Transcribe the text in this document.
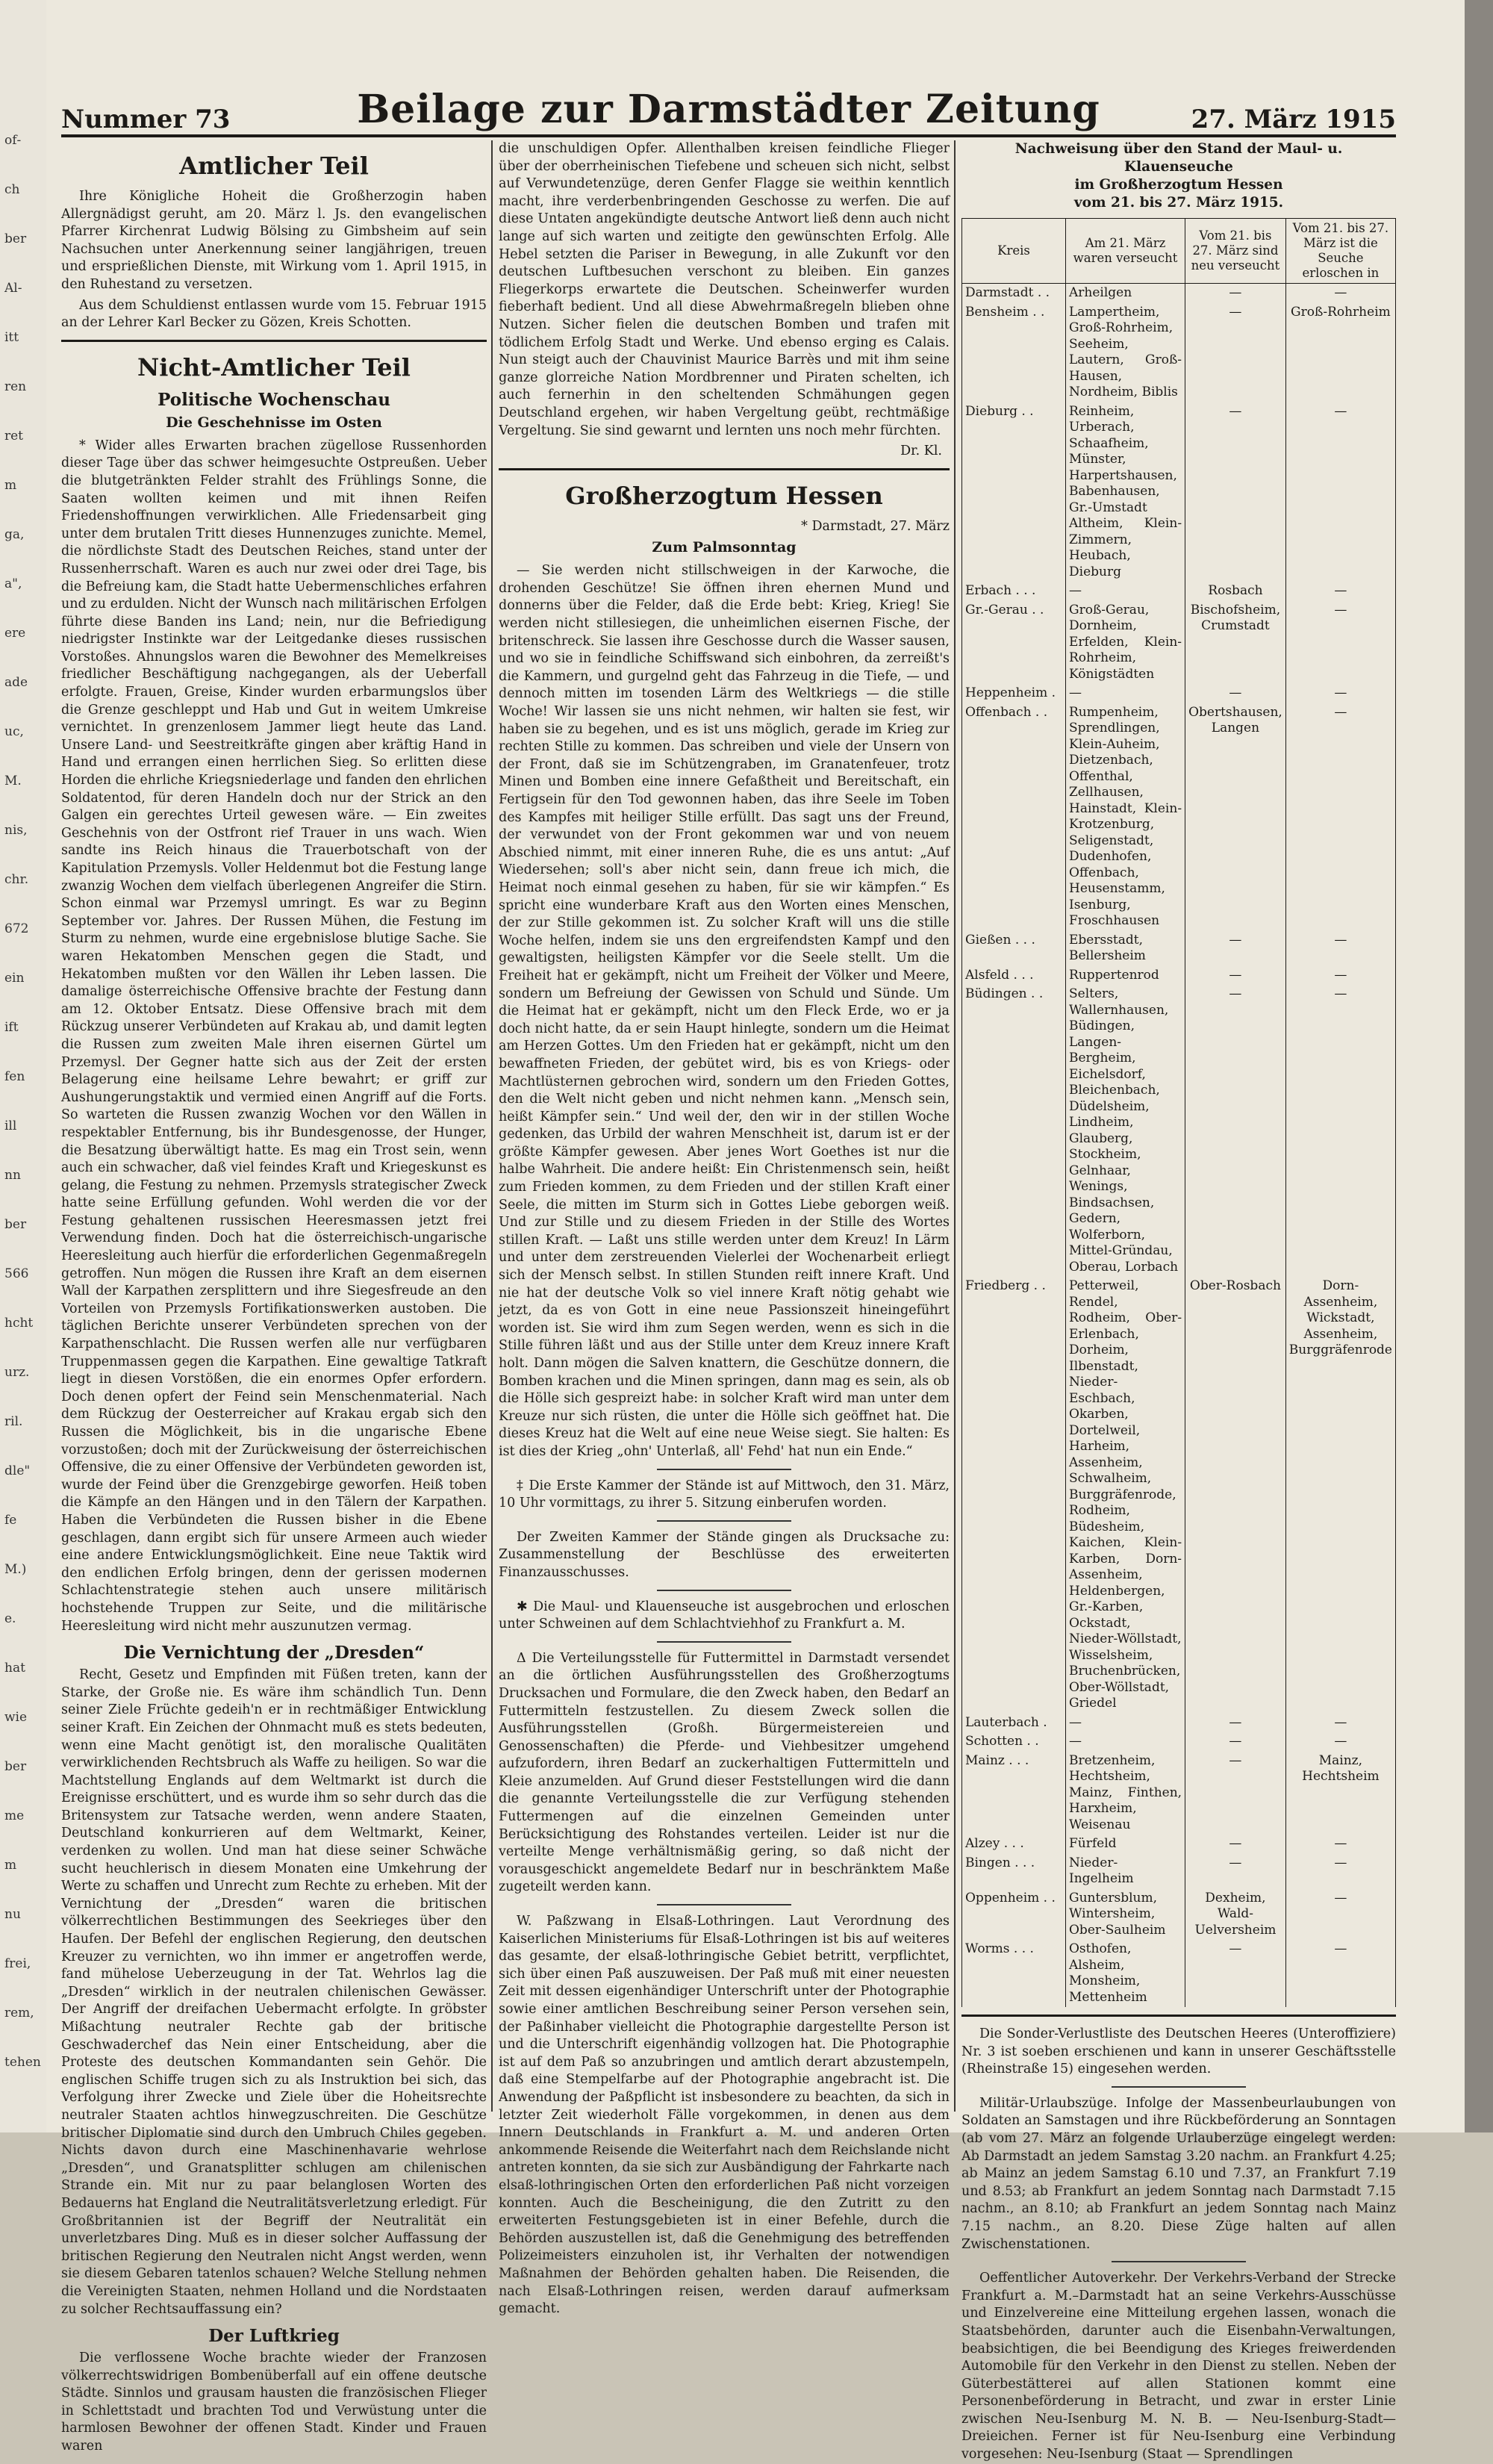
of‐
ch
ber
Al‐
itt
ren
ret
m
ga,
a",
ere
ade
uc,
M.
nis,
chr.
672
ein
ift
fen
ill
nn
ber
566
hcht
urz.
ril.
dle"
fe
M.)
e.
hat
wie
ber
me
m
nu
frei,
rem,
tehen
Nummer 73	Beilage zur Darmstädter Zeitung	27. März 1915
Amtlicher Teil

Ihre Königliche Hoheit die Großherzogin haben Allergnädigst geruht, am 20. März l. Js. den evangelischen Pfarrer Kirchenrat Ludwig Bölsing zu Gimbsheim auf sein Nachsuchen unter Anerkennung seiner langjährigen, treuen und ersprießlichen Dienste, mit Wirkung vom 1. April 1915, in den Ruhestand zu versetzen.

Aus dem Schuldienst entlassen wurde vom 15. Februar 1915 an der Lehrer Karl Becker zu Gözen, Kreis Schotten.

Nicht-Amtlicher Teil
Politische Wochenschau
Die Geschehnisse im Osten

* Wider alles Erwarten brachen zügellose Russenhorden dieser Tage über das schwer heimgesuchte Ostpreußen. Ueber die blutgetränkten Felder strahlt des Frühlings Sonne, die Saaten wollten keimen und mit ihnen Reifen Friedenshoffnungen verwirklichen. Alle Friedensarbeit ging unter dem brutalen Tritt dieses Hunnenzuges zunichte. Memel, die nördlichste Stadt des Deutschen Reiches, stand unter der Russenherrschaft. Waren es auch nur zwei oder drei Tage, bis die Befreiung kam, die Stadt hatte Uebermenschliches erfahren und zu erdulden. Nicht der Wunsch nach militärischen Erfolgen führte diese Banden ins Land; nein, nur die Befriedigung niedrigster Instinkte war der Leitgedanke dieses russischen Vorstoßes. Ahnungslos waren die Bewohner des Memelkreises friedlicher Beschäftigung nachgegangen, als der Ueberfall erfolgte. Frauen, Greise, Kinder wurden erbarmungslos über die Grenze geschleppt und Hab und Gut in weitem Umkreise vernichtet. In grenzenlosem Jammer liegt heute das Land. Unsere Land- und Seestreitkräfte gingen aber kräftig Hand in Hand und errangen einen herrlichen Sieg. So erlitten diese Horden die ehrliche Kriegsniederlage und fanden den ehrlichen Soldatentod, für deren Handeln doch nur der Strick an den Galgen ein gerechtes Urteil gewesen wäre. — Ein zweites Geschehnis von der Ostfront rief Trauer in uns wach. Wien sandte ins Reich hinaus die Trauerbotschaft von der Kapitulation Przemysls. Voller Heldenmut bot die Festung lange zwanzig Wochen dem vielfach überlegenen Angreifer die Stirn. Schon einmal war Przemysl umringt. Es war zu Beginn September vor. Jahres. Der Russen Mühen, die Festung im Sturm zu nehmen, wurde eine ergebnislose blutige Sache. Sie waren Hekatomben Menschen gegen die Stadt, und Hekatomben mußten vor den Wällen ihr Leben lassen. Die damalige österreichische Offensive brachte der Festung dann am 12. Oktober Entsatz. Diese Offensive brach mit dem Rückzug unserer Verbündeten auf Krakau ab, und damit legten die Russen zum zweiten Male ihren eisernen Gürtel um Przemysl. Der Gegner hatte sich aus der Zeit der ersten Belagerung eine heilsame Lehre bewahrt; er griff zur Aushungerungstaktik und vermied einen Angriff auf die Forts. So warteten die Russen zwanzig Wochen vor den Wällen in respektabler Entfernung, bis ihr Bundesgenosse, der Hunger, die Besatzung überwältigt hatte. Es mag ein Trost sein, wenn auch ein schwacher, daß viel feindes Kraft und Kriegeskunst es gelang, die Festung zu nehmen. Przemysls strategischer Zweck hatte seine Erfüllung gefunden. Wohl werden die vor der Festung gehaltenen russischen Heeresmassen jetzt frei Verwendung finden. Doch hat die österreichisch-ungarische Heeresleitung auch hierfür die erforderlichen Gegenmaßregeln getroffen. Nun mögen die Russen ihre Kraft an dem eisernen Wall der Karpathen zersplittern und ihre Siegesfreude an den Vorteilen von Przemysls Fortifikationswerken austoben. Die täglichen Berichte unserer Verbündeten sprechen von der Karpathenschlacht. Die Russen werfen alle nur verfügbaren Truppenmassen gegen die Karpathen. Eine gewaltige Tatkraft liegt in diesen Vorstößen, die ein enormes Opfer erfordern. Doch denen opfert der Feind sein Menschenmaterial. Nach dem Rückzug der Oesterreicher auf Krakau ergab sich den Russen die Möglichkeit, bis in die ungarische Ebene vorzustoßen; doch mit der Zurückweisung der österreichischen Offensive, die zu einer Offensive der Verbündeten geworden ist, wurde der Feind über die Grenzgebirge geworfen. Heiß toben die Kämpfe an den Hängen und in den Tälern der Karpathen. Haben die Verbündeten die Russen bisher in die Ebene geschlagen, dann ergibt sich für unsere Armeen auch wieder eine andere Entwicklungsmöglichkeit. Eine neue Taktik wird den endlichen Erfolg bringen, denn der gerissen modernen Schlachtenstrategie stehen auch unsere militärisch hochstehende Truppen zur Seite, und die militärische Heeresleitung wird nicht mehr auszunutzen vermag.

Die Vernichtung der „Dresden“

Recht, Gesetz und Empfinden mit Füßen treten, kann der Starke, der Große nie. Es wäre ihm schändlich Tun. Denn seiner Ziele Früchte gedeih'n er in rechtmäßiger Entwicklung seiner Kraft. Ein Zeichen der Ohnmacht muß es stets bedeuten, wenn eine Macht genötigt ist, den moralische Qualitäten verwirklichenden Rechtsbruch als Waffe zu heiligen. So war die Machtstellung Englands auf dem Weltmarkt ist durch die Ereignisse erschüttert, und es wurde ihm so sehr durch das die Britensystem zur Tatsache werden, wenn andere Staaten, Deutschland konkurrieren auf dem Weltmarkt, Keiner, verdenken zu wollen. Und man hat diese seiner Schwäche sucht heuchlerisch in diesem Monaten eine Umkehrung der Werte zu schaffen und Unrecht zum Rechte zu erheben. Mit der Vernichtung der „Dresden“ waren die britischen völkerrechtlichen Bestimmungen des Seekrieges über den Haufen. Der Befehl der englischen Regierung, den deutschen Kreuzer zu vernichten, wo ihn immer er angetroffen werde, fand mühelose Ueberzeugung in der Tat. Wehrlos lag die „Dresden“ wirklich in der neutralen chilenischen Gewässer. Der Angriff der dreifachen Uebermacht erfolgte. In gröbster Mißachtung neutraler Rechte gab der britische Geschwaderchef das Nein einer Entscheidung, aber die Proteste des deutschen Kommandanten sein Gehör. Die englischen Schiffe trugen sich zu als Instruktion bei sich, das Verfolgung ihrer Zwecke und Ziele über die Hoheitsrechte neutraler Staaten achtlos hinwegzuschreiten. Die Geschütze britischer Diplomatie sind durch den Umbruch Chiles gegeben. Nichts davon durch eine Maschinenhavarie wehrlose „Dresden“, und Granatsplitter schlugen am chilenischen Strande ein. Mit nur zu paar belanglosen Worten des Bedauerns hat England die Neutralitätsverletzung erledigt. Für Großbritannien ist der Begriff der Neutralität ein unverletzbares Ding. Muß es in dieser solcher Auffassung der britischen Regierung den Neutralen nicht Angst werden, wenn sie diesem Gebaren tatenlos schauen? Welche Stellung nehmen die Vereinigten Staaten, nehmen Holland und die Nordstaaten zu solcher Rechtsauffassung ein?

Der Luftkrieg

Die verflossene Woche brachte wieder der Franzosen völkerrechtswidrigen Bombenüberfall auf ein offene deutsche Städte. Sinnlos und grausam hausten die französischen Flieger in Schlettstadt und brachten Tod und Verwüstung unter die harmlosen Bewohner der offenen Stadt. Kinder und Frauen waren

die unschuldigen Opfer. Allenthalben kreisen feindliche Flieger über der oberrheinischen Tiefebene und scheuen sich nicht, selbst auf Verwundetenzüge, deren Genfer Flagge sie weithin kenntlich macht, ihre verderbenbringenden Geschosse zu werfen. Die auf diese Untaten angekündigte deutsche Antwort ließ denn auch nicht lange auf sich warten und zeitigte den gewünschten Erfolg. Alle Hebel setzten die Pariser in Bewegung, in alle Zukunft vor den deutschen Luftbesuchen verschont zu bleiben. Ein ganzes Fliegerkorps erwartete die Deutschen. Scheinwerfer wurden fieberhaft bedient. Und all diese Abwehrmaßregeln blieben ohne Nutzen. Sicher fielen die deutschen Bomben und trafen mit tödlichem Erfolg Stadt und Werke. Und ebenso erging es Calais. Nun steigt auch der Chauvinist Maurice Barrès und mit ihm seine ganze glorreiche Nation Mordbrenner und Piraten schelten, ich auch fernerhin in den scheltenden Schmähungen gegen Deutschland ergehen, wir haben Vergeltung geübt, rechtmäßige Vergeltung. Sie sind gewarnt und lernten uns noch mehr fürchten.

Dr. Kl.
Großherzogtum Hessen
* Darmstadt, 27. März
Zum Palmsonntag

— Sie werden nicht stillschweigen in der Karwoche, die drohenden Geschütze! Sie öffnen ihren ehernen Mund und donnerns über die Felder, daß die Erde bebt: Krieg, Krieg! Sie werden nicht stillesiegen, die unheimlichen eisernen Fische, der britenschreck. Sie lassen ihre Geschosse durch die Wasser sausen, und wo sie in feindliche Schiffswand sich einbohren, da zerreißt's die Kammern, und gurgelnd geht das Fahrzeug in die Tiefe, — und dennoch mitten im tosenden Lärm des Weltkriegs — die stille Woche! Wir lassen sie uns nicht nehmen, wir halten sie fest, wir haben sie zu begehen, und es ist uns möglich, gerade im Krieg zur rechten Stille zu kommen. Das schreiben und viele der Unsern von der Front, daß sie im Schützengraben, im Granatenfeuer, trotz Minen und Bomben eine innere Gefaßtheit und Bereitschaft, ein Fertigsein für den Tod gewonnen haben, das ihre Seele im Toben des Kampfes mit heiliger Stille erfüllt. Das sagt uns der Freund, der verwundet von der Front gekommen war und von neuem Abschied nimmt, mit einer inneren Ruhe, die es uns antut: „Auf Wiedersehen; soll's aber nicht sein, dann freue ich mich, die Heimat noch einmal gesehen zu haben, für sie wir kämpfen.“ Es spricht eine wunderbare Kraft aus den Worten eines Menschen, der zur Stille gekommen ist. Zu solcher Kraft will uns die stille Woche helfen, indem sie uns den ergreifendsten Kampf und den gewaltigsten, heiligsten Kämpfer vor die Seele stellt. Um die Freiheit hat er gekämpft, nicht um Freiheit der Völker und Meere, sondern um Befreiung der Gewissen von Schuld und Sünde. Um die Heimat hat er gekämpft, nicht um den Fleck Erde, wo er ja doch nicht hatte, da er sein Haupt hinlegte, sondern um die Heimat am Herzen Gottes. Um den Frieden hat er gekämpft, nicht um den bewaffneten Frieden, der gebütet wird, bis es von Kriegs- oder Machtlüsternen gebrochen wird, sondern um den Frieden Gottes, den die Welt nicht geben und nicht nehmen kann. „Mensch sein, heißt Kämpfer sein.“ Und weil der, den wir in der stillen Woche gedenken, das Urbild der wahren Menschheit ist, darum ist er der größte Kämpfer gewesen. Aber jenes Wort Goethes ist nur die halbe Wahrheit. Die andere heißt: Ein Christenmensch sein, heißt zum Frieden kommen, zu dem Frieden und der stillen Kraft einer Seele, die mitten im Sturm sich in Gottes Liebe geborgen weiß. Und zur Stille und zu diesem Frieden in der Stille des Wortes stillen Kraft. — Laßt uns stille werden unter dem Kreuz! In Lärm und unter dem zerstreuenden Vielerlei der Wochenarbeit erliegt sich der Mensch selbst. In stillen Stunden reift innere Kraft. Und nie hat der deutsche Volk so viel innere Kraft nötig gehabt wie jetzt, da es von Gott in eine neue Passionszeit hineingeführt worden ist. Sie wird ihm zum Segen werden, wenn es sich in die Stille führen läßt und aus der Stille unter dem Kreuz innere Kraft holt. Dann mögen die Salven knattern, die Geschütze donnern, die Bomben krachen und die Minen springen, dann mag es sein, als ob die Hölle sich gespreizt habe: in solcher Kraft wird man unter dem Kreuze nur sich rüsten, die unter die Hölle sich geöffnet hat. Die dieses Kreuz hat die Welt auf eine neue Weise siegt. Sie halten: Es ist dies der Krieg „ohn' Unterlaß, all' Fehd' hat nun ein Ende.“

‡ Die Erste Kammer der Stände ist auf Mittwoch, den 31. März, 10 Uhr vormittags, zu ihrer 5. Sitzung einberufen worden.

Der Zweiten Kammer der Stände gingen als Drucksache zu: Zusammenstellung der Beschlüsse des erweiterten Finanzausschusses.

✱ Die Maul- und Klauenseuche ist ausgebrochen und erloschen unter Schweinen auf dem Schlachtviehhof zu Frankfurt a. M.

Δ Die Verteilungsstelle für Futtermittel in Darmstadt versendet an die örtlichen Ausführungsstellen des Großherzogtums Drucksachen und Formulare, die den Zweck haben, den Bedarf an Futtermitteln festzustellen. Zu diesem Zweck sollen die Ausführungsstellen (Großh. Bürgermeistereien und Genossenschaften) die Pferde- und Viehbesitzer umgehend aufzufordern, ihren Bedarf an zuckerhaltigen Futtermitteln und Kleie anzumelden. Auf Grund dieser Feststellungen wird die dann die genannte Verteilungsstelle die zur Verfügung stehenden Futtermengen auf die einzelnen Gemeinden unter Berücksichtigung des Rohstandes verteilen. Leider ist nur die verteilte Menge verhältnismäßig gering, so daß nicht der vorausgeschickt angemeldete Bedarf nur in beschränktem Maße zugeteilt werden kann.

W. Paßzwang in Elsaß-Lothringen. Laut Verordnung des Kaiserlichen Ministeriums für Elsaß-Lothringen ist bis auf weiteres das gesamte, der elsaß-lothringische Gebiet betritt, verpflichtet, sich über einen Paß auszuweisen. Der Paß muß mit einer neuesten Zeit mit dessen eigenhändiger Unterschrift unter der Photographie sowie einer amtlichen Beschreibung seiner Person versehen sein, der Paßinhaber vielleicht die Photographie dargestellte Person ist und die Unterschrift eigenhändig vollzogen hat. Die Photographie ist auf dem Paß so anzubringen und amtlich derart abzustempeln, daß eine Stempelfarbe auf der Photographie angebracht ist. Die Anwendung der Paßpflicht ist insbesondere zu beachten, da sich in letzter Zeit wiederholt Fälle vorgekommen, in denen aus dem Innern Deutschlands in Frankfurt a. M. und anderen Orten ankommende Reisende die Weiterfahrt nach dem Reichslande nicht antreten konnten, da sie sich zur Ausbändigung der Fahrkarte nach elsaß-lothringischen Orten den erforderlichen Paß nicht vorzeigen konnten. Auch die Bescheinigung, die den Zutritt zu den erweiterten Festungsgebieten ist in einer Befehle, durch die Behörden auszustellen ist, daß die Genehmigung des betreffenden Polizeimeisters einzuholen ist, ihr Verhalten der notwendigen Maßnahmen der Behörden gehalten haben. Die Reisenden, die nach Elsaß-Lothringen reisen, werden darauf aufmerksam gemacht.

Nachweisung über den Stand der Maul- u. Klauenseuche
im Großherzogtum Hessen
vom 21. bis 27. März 1915.
Kreis	Am 21. März waren verseucht	Vom 21. bis 27. März sind neu verseucht	Vom 21. bis 27. März ist die Seuche erloschen in
Darmstadt . .	Arheilgen	—	—
Bensheim . .	Lampertheim, Groß-Rohrheim, Seeheim, Lautern, Groß-Hausen, Nordheim, Biblis	—	Groß-Rohrheim
Dieburg . .	Reinheim, Urberach, Schaafheim, Münster, Harpertshausen, Babenhausen, Gr.-Umstadt Altheim, Klein-Zimmern, Heubach, Dieburg	—	—
Erbach . . .	—	Rosbach	—
Gr.-Gerau . .	Groß-Gerau, Dornheim, Erfelden, Klein-Rohrheim, Königstädten	Bischofsheim, Crumstadt	—
Heppenheim .	—	—	—
Offenbach . .	Rumpenheim, Sprendlingen, Klein-Auheim, Dietzenbach, Offenthal, Zellhausen, Hainstadt, Klein-Krotzenburg, Seligenstadt, Dudenhofen, Offenbach, Heusenstamm, Isenburg, Froschhausen	Obertshausen, Langen	—
Gießen . . .	Ebersstadt, Bellersheim	—	—
Alsfeld . . .	Ruppertenrod	—	—
Büdingen . .	Selters, Wallernhausen, Büdingen, Langen-Bergheim, Eichelsdorf, Bleichenbach, Düdelsheim, Lindheim, Glauberg, Stockheim, Gelnhaar, Wenings, Bindsachsen, Gedern, Wolferborn, Mittel-Gründau, Oberau, Lorbach	—	—
Friedberg . .	Petterweil, Rendel, Rodheim, Ober-Erlenbach, Dorheim, Ilbenstadt, Nieder-Eschbach, Okarben, Dortelweil, Harheim, Assenheim, Schwalheim, Burggräfenrode, Rodheim, Büdesheim, Kaichen, Klein-Karben, Dorn-Assenheim, Heldenbergen, Gr.-Karben, Ockstadt, Nieder-Wöllstadt, Wisselsheim, Bruchenbrücken, Ober-Wöllstadt, Griedel	Ober-Rosbach	Dorn-Assenheim, Wickstadt, Assenheim, Burggräfenrode
Lauterbach .	—	—	—
Schotten . .	—	—	—
Mainz . . .	Bretzenheim, Hechtsheim, Mainz, Finthen, Harxheim, Weisenau	—	Mainz, Hechtsheim
Alzey . . .	Fürfeld	—	—
Bingen . . .	Nieder-Ingelheim	—	—
Oppenheim . .	Guntersblum, Wintersheim, Ober-Saulheim	Dexheim, Wald-Uelversheim	—
Worms . . .	Osthofen, Alsheim, Monsheim, Mettenheim	—	—

Die Sonder-Verlustliste des Deutschen Heeres (Unteroffiziere) Nr. 3 ist soeben erschienen und kann in unserer Geschäftsstelle (Rheinstraße 15) eingesehen werden.

Militär-Urlaubszüge. Infolge der Massenbeurlaubungen von Soldaten an Samstagen und ihre Rückbeförderung an Sonntagen (ab vom 27. März an folgende Urlauberzüge eingelegt werden: Ab Darmstadt an jedem Samstag 3.20 nachm. an Frankfurt 4.25; ab Mainz an jedem Samstag 6.10 und 7.37, an Frankfurt 7.19 und 8.53; ab Frankfurt an jedem Sonntag nach Darmstadt 7.15 nachm., an 8.10; ab Frankfurt an jedem Sonntag nach Mainz 7.15 nachm., an 8.20. Diese Züge halten auf allen Zwischenstationen.

Oeffentlicher Autoverkehr. Der Verkehrs-Verband der Strecke Frankfurt a. M.–Darmstadt hat an seine Verkehrs-Ausschüsse und Einzelvereine eine Mitteilung ergehen lassen, wonach die Staatsbehörden, darunter auch die Eisenbahn-Verwaltungen, beabsichtigen, die bei Beendigung des Krieges freiwerdenden Automobile für den Verkehr in den Dienst zu stellen. Neben der Güterbestätterei auf allen Stationen kommt eine Personenbeförderung in Betracht, und zwar in erster Linie zwischen Neu-Isenburg M. N. B. — Neu-Isenburg-Stadt—Dreieichen. Ferner ist für Neu-Isenburg eine Verbindung vorgesehen: Neu-Isenburg (Staat — Sprendlingen
